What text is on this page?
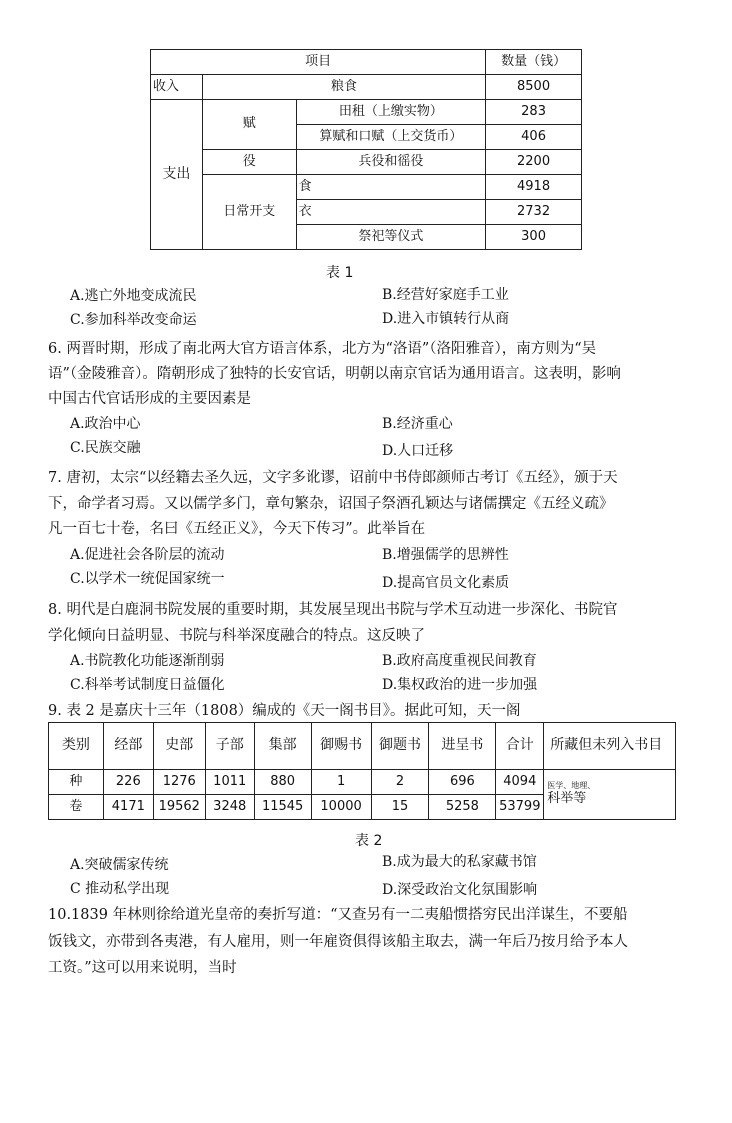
项目			数量（钱）
收入	粮食		8500
支出	赋	田租（上缴实物）	283
		算赋和口赋（上交货币）	406
	役	兵役和徭役	2200
	日常开支	食	4918
		衣	2732
		祭祀等仪式	300
表 1
A.逃亡外地变成流民	B.经营好家庭手工业
C.参加科举改变命运	D.进入市镇转行从商
6. 两晋时期，形成了南北两大官方语言体系，北方为“洛语”（洛阳雅音），南方则为“吴
语”（金陵雅音）。隋朝形成了独特的长安官话，明朝以南京官话为通用语言。这表明，影响
中国古代官话形成的主要因素是
A.政治中心	B.经济重心
C.民族交融	D.人口迁移
7. 唐初，太宗“以经籍去圣久远，文字多讹谬，诏前中书侍郎颜师古考订《五经》，颁于天
下，命学者习焉。又以儒学多门，章句繁杂，诏国子祭酒孔颖达与诸儒撰定《五经义疏》
凡一百七十卷，名曰《五经正义》，今天下传习”。此举旨在
A.促进社会各阶层的流动	B.增强儒学的思辨性
C.以学术一统促国家统一	D.提高官员文化素质
8. 明代是白鹿洞书院发展的重要时期，其发展呈现出书院与学术互动进一步深化、书院官
学化倾向日益明显、书院与科举深度融合的特点。这反映了
A.书院教化功能逐渐削弱	B.政府高度重视民间教育
C.科举考试制度日益僵化	D.集权政治的进一步加强
9. 表 2 是嘉庆十三年（1808）编成的《天一阁书目》。据此可知，天一阁
类别	经部	史部	子部	集部	御赐书	御题书	进呈书	合计	所藏但未列入书目
种	226	1276	1011	880	1	2	696	4094	医学、地理、
科举等

卷	4171	19562	3248	11545	10000	15	5258	53799	
表 2
A.突破儒家传统	B.成为最大的私家藏书馆
C 推动私学出现	D.深受政治文化氛围影响
10.1839 年林则徐给道光皇帝的奏折写道：“又查另有一二夷船惯搭穷民出洋谋生，不要船
饭钱文，亦带到各夷港，有人雇用，则一年雇资俱得该船主取去，满一年后乃按月给予本人
工资。”这可以用来说明，当时
